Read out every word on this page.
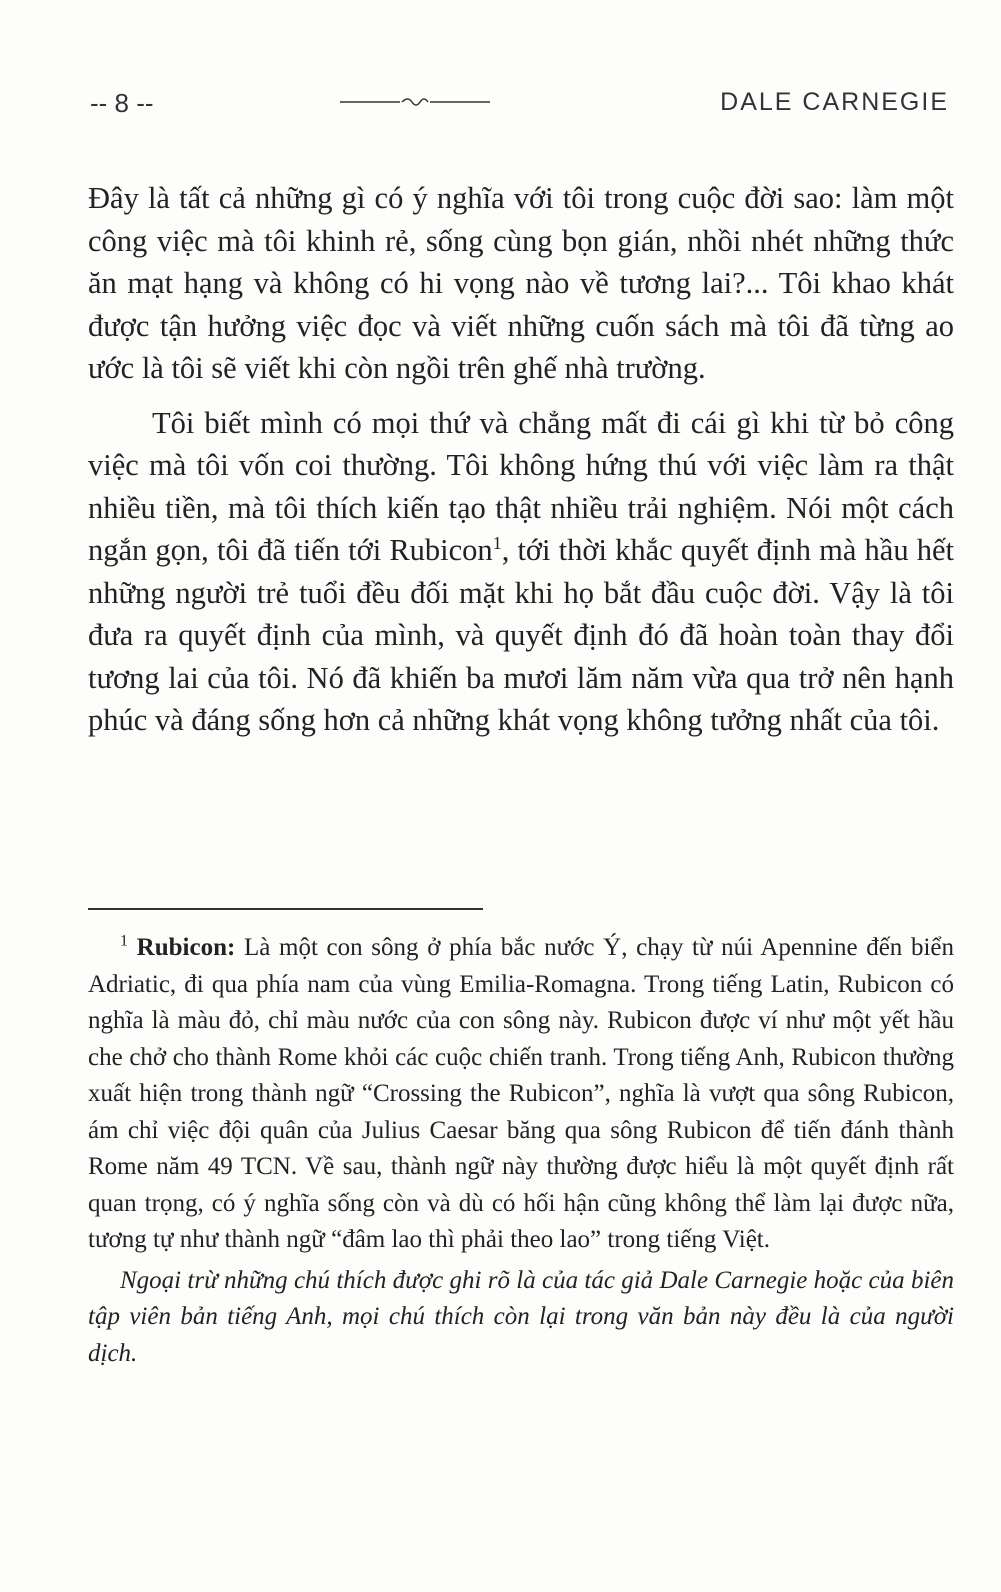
-- 8 --	DALE CARNEGIE

Đây là tất cả những gì có ý nghĩa với tôi trong cuộc đời sao: làm một công việc mà tôi khinh rẻ, sống cùng bọn gián, nhồi nhét những thức ăn mạt hạng và không có hi vọng nào về tương lai?... Tôi khao khát được tận hưởng việc đọc và viết những cuốn sách mà tôi đã từng ao ước là tôi sẽ viết khi còn ngồi trên ghế nhà trường.

Tôi biết mình có mọi thứ và chẳng mất đi cái gì khi từ bỏ công việc mà tôi vốn coi thường. Tôi không hứng thú với việc làm ra thật nhiều tiền, mà tôi thích kiến tạo thật nhiều trải nghiệm. Nói một cách ngắn gọn, tôi đã tiến tới Rubicon$^1$, tới thời khắc quyết định mà hầu hết những người trẻ tuổi đều đối mặt khi họ bắt đầu cuộc đời. Vậy là tôi đưa ra quyết định của mình, và quyết định đó đã hoàn toàn thay đổi tương lai của tôi. Nó đã khiến ba mươi lăm năm vừa qua trở nên hạnh phúc và đáng sống hơn cả những khát vọng không tưởng nhất của tôi.

$^1$ Rubicon: Là một con sông ở phía bắc nước Ý, chạy từ núi Apennine đến biển Adriatic, đi qua phía nam của vùng Emilia-Romagna. Trong tiếng Latin, Rubicon có nghĩa là màu đỏ, chỉ màu nước của con sông này. Rubicon được ví như một yết hầu che chở cho thành Rome khỏi các cuộc chiến tranh. Trong tiếng Anh, Rubicon thường xuất hiện trong thành ngữ “Crossing the Rubicon”, nghĩa là vượt qua sông Rubicon, ám chỉ việc đội quân của Julius Caesar băng qua sông Rubicon để tiến đánh thành Rome năm 49 TCN. Về sau, thành ngữ này thường được hiểu là một quyết định rất quan trọng, có ý nghĩa sống còn và dù có hối hận cũng không thể làm lại được nữa, tương tự như thành ngữ “đâm lao thì phải theo lao” trong tiếng Việt.

Ngoại trừ những chú thích được ghi rõ là của tác giả Dale Carnegie hoặc của biên tập viên bản tiếng Anh, mọi chú thích còn lại trong văn bản này đều là của người dịch.
